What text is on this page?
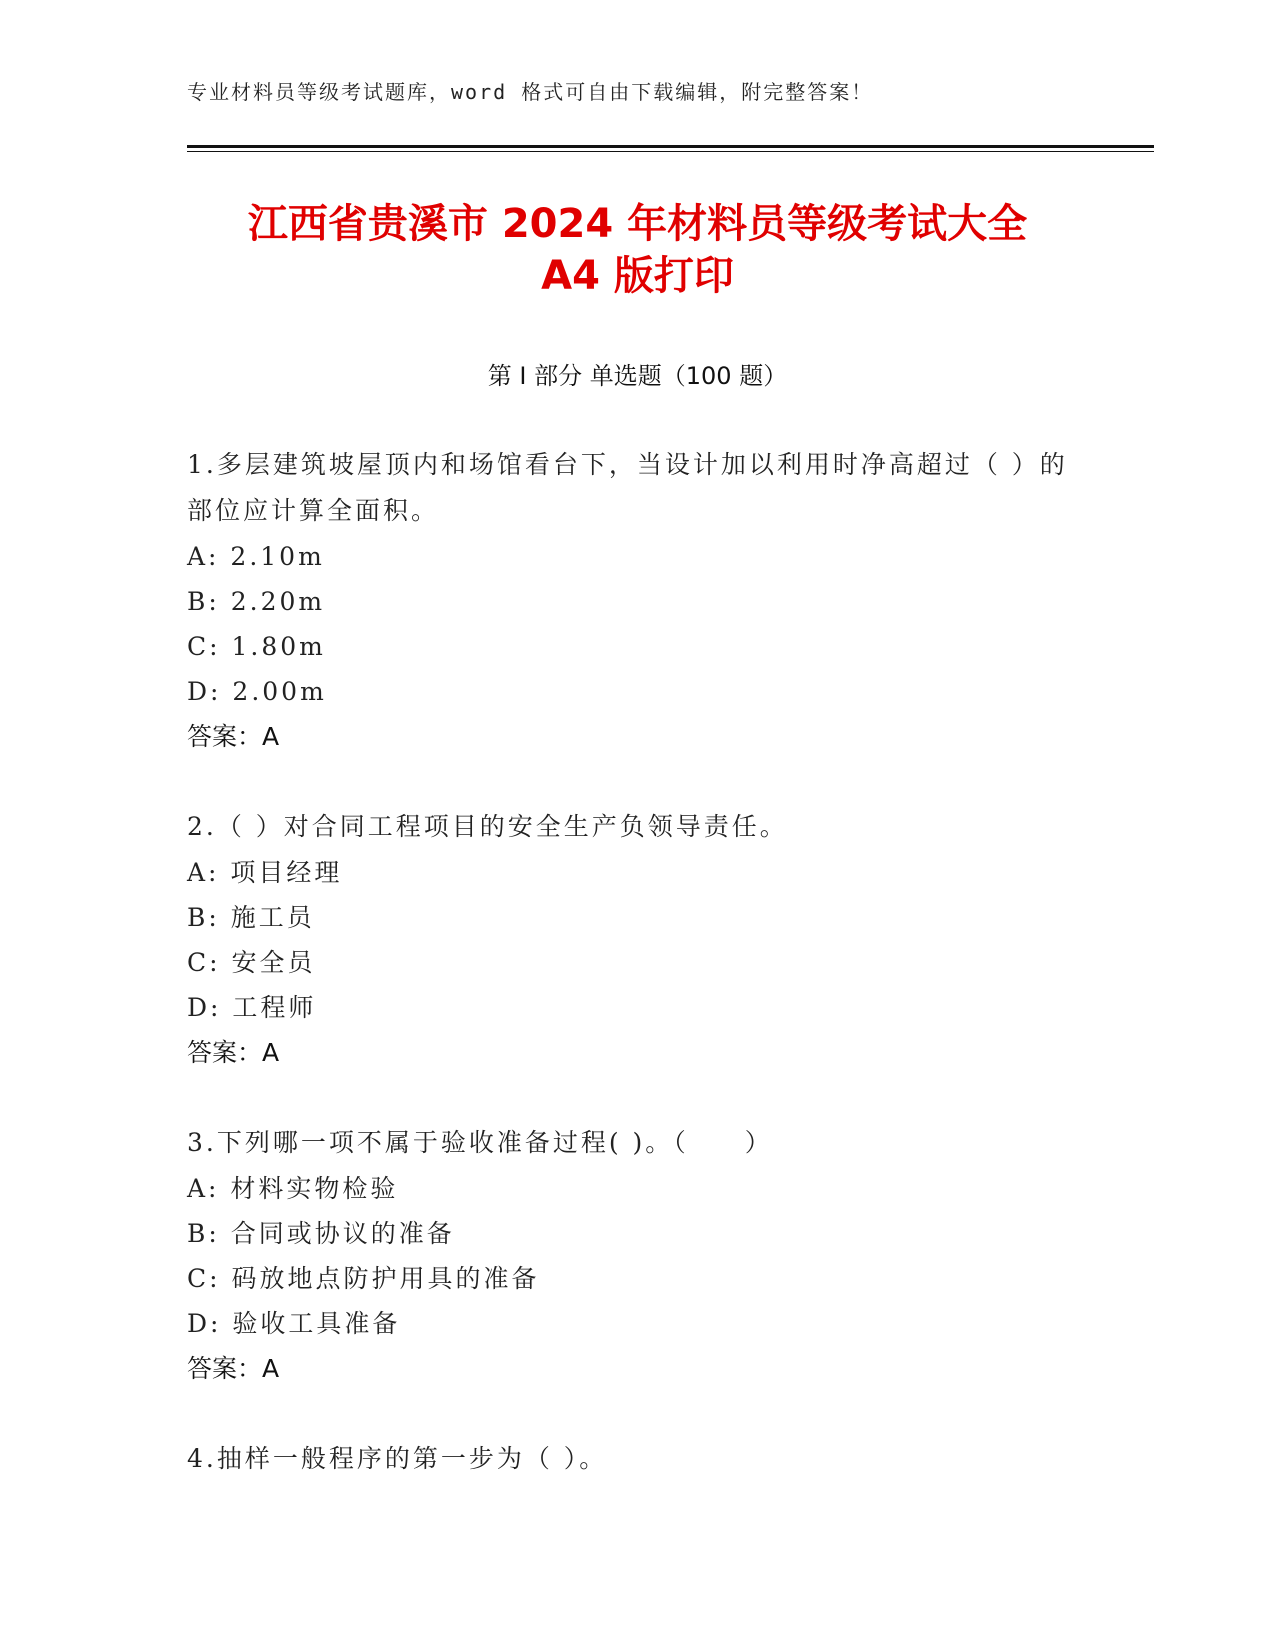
专业材料员等级考试题库，word 格式可自由下载编辑，附完整答案！
江西省贵溪市 2024 年材料员等级考试大全
A4 版打印
第 I 部分 单选题（100 题）
1.多层建筑坡屋顶内和场馆看台下，当设计加以利用时净高超过（ ）的部位应计算全面积。
A: 2.10m
B: 2.20m
C: 1.80m
D: 2.00m
答案：A
2.（ ）对合同工程项目的安全生产负领导责任。
A: 项目经理
B: 施工员
C: 安全员
D: 工程师
答案：A
3.下列哪一项不属于验收准备过程( )。（　　）
A: 材料实物检验
B: 合同或协议的准备
C: 码放地点防护用具的准备
D: 验收工具准备
答案：A
4.抽样一般程序的第一步为（ ）。
